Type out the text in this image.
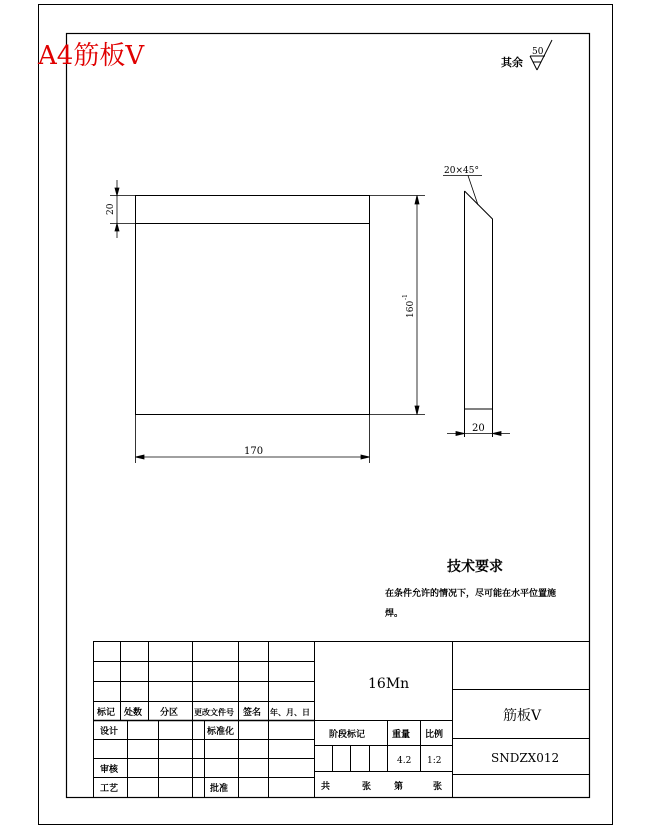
A4筋板V	其余
50
20
160
-1
170
20
20×45°
技术要求
在条件允许的情况下，尽可能在水平位置施
焊。
标记 处数 分区 更改文件号 签名 年、月、日
设计	标准化
审核
工艺	批准
16Mn
阶段标记	重量 比例
4.2 1:2
共	张	第	张
筋板V
SNDZX012
